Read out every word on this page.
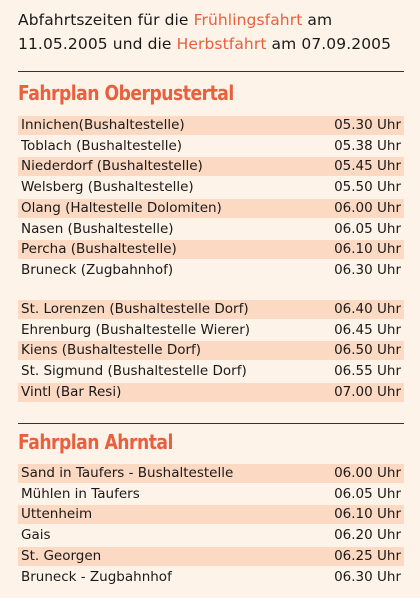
Abfahrtszeiten für die Frühlingsfahrt am
11.05.2005 und die Herbstfahrt am 07.09.2005
Fahrplan Oberpustertal
Innichen(Bushaltestelle)	05.30 Uhr
Toblach (Bushaltestelle)	05.38 Uhr
Niederdorf (Bushaltestelle)	05.45 Uhr
Welsberg (Bushaltestelle)	05.50 Uhr
Olang (Haltestelle Dolomiten)	06.00 Uhr
Nasen (Bushaltestelle)	06.05 Uhr
Percha (Bushaltestelle)	06.10 Uhr
Bruneck (Zugbahnhof)	06.30 Uhr
St. Lorenzen (Bushaltestelle Dorf)	06.40 Uhr
Ehrenburg (Bushaltestelle Wierer)	06.45 Uhr
Kiens (Bushaltestelle Dorf)	06.50 Uhr
St. Sigmund (Bushaltestelle Dorf)	06.55 Uhr
Vintl (Bar Resi)	07.00 Uhr
Fahrplan Ahrntal
Sand in Taufers - Bushaltestelle	06.00 Uhr
Mühlen in Taufers	06.05 Uhr
Uttenheim	06.10 Uhr
Gais	06.20 Uhr
St. Georgen	06.25 Uhr
Bruneck - Zugbahnhof	06.30 Uhr
